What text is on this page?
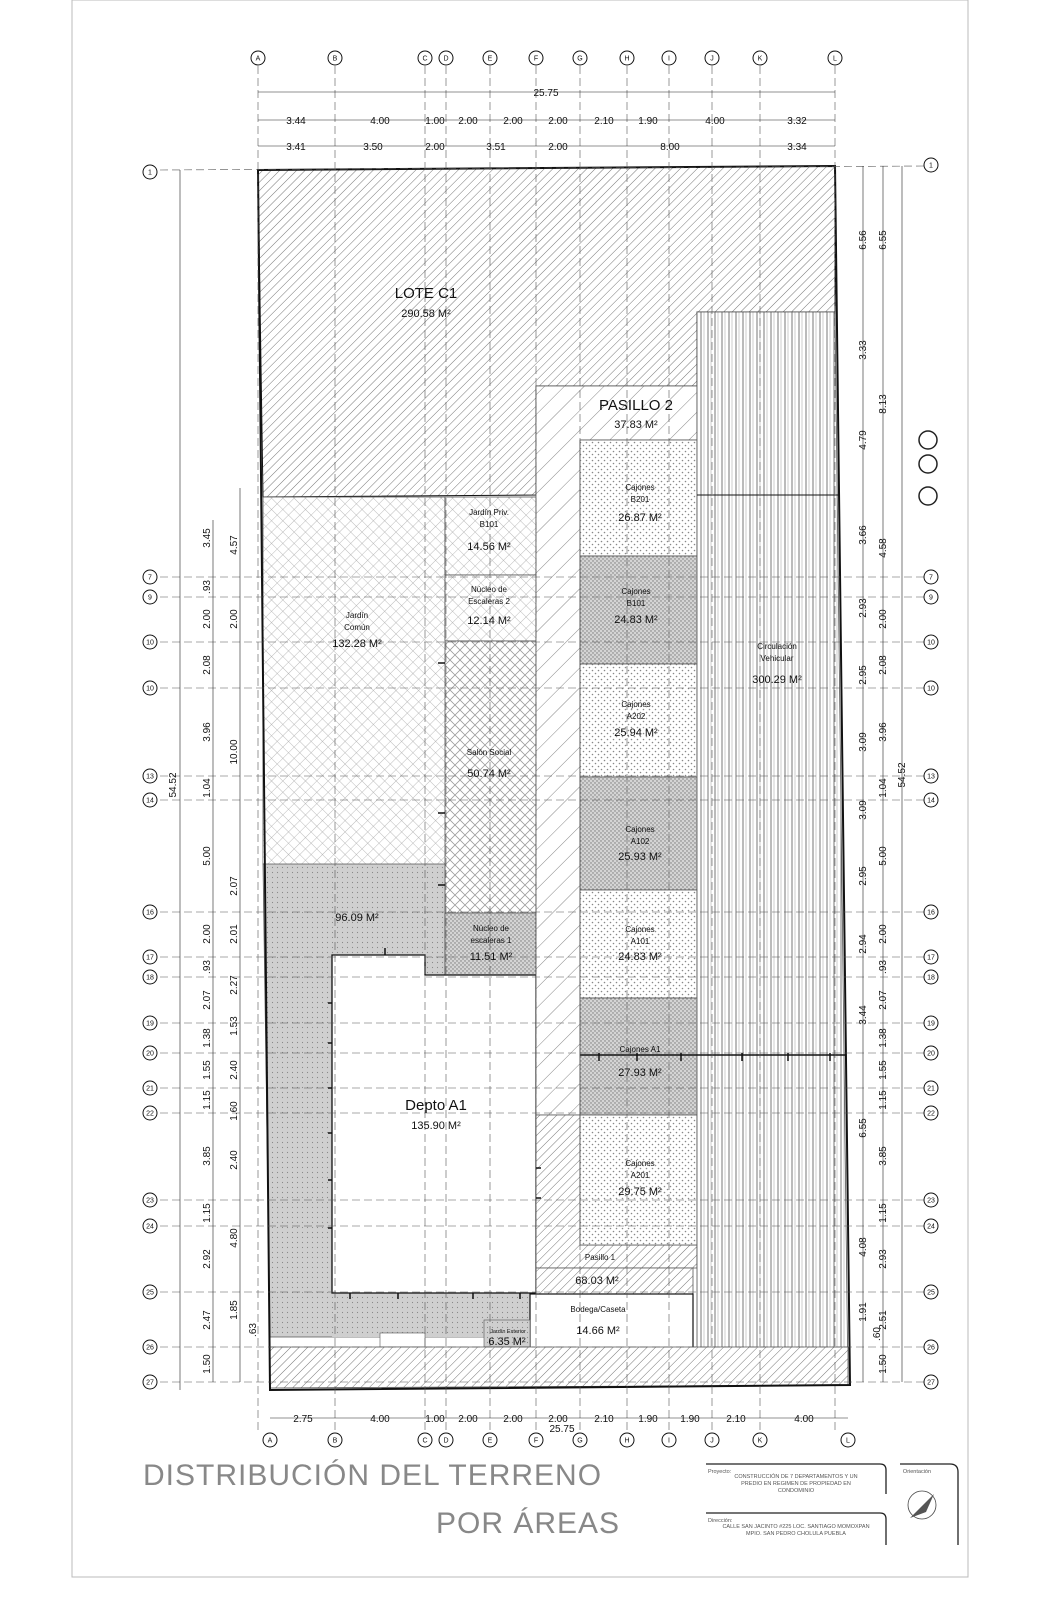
LOTE C1
290.58 M²
PASILLO 2
37.83 M²
Jardín Priv.
B101
14.56 M²
Núcleo de
Escaleras 2
12.14 M²
Jardín
Común
132.28 M²
Salón Social
50.74 M²
96.09 M²
Núcleo de
escaleras 1
11.51 M²
Depto A1
135.90 M²
Cajones
B201
26.87 M²
Cajones
B101
24.83 M²
Cajones
A202
25.94 M²
Cajones
A102
25.93 M²
Cajones
A101
24.83 M²
Cajones A1
27.93 M²
Cajones
A201
29.75 M²
Circulación
Vehicular
300.29 M²
Pasillo 1
68.03 M²
Bodega/Caseta
14.66 M²
Jardín Exterior
6.35 M²
25.75
3.44	4.00	1.00 2.00	2.00	2.00	2.10 1.90	4.00	3.32
3.41	3.50	2.00	3.51	2.00	8.00	3.34
2.75	4.00	1.00 2.00	2.00	2.00	2.10 1.90 1.90	2.10	4.00
25.75
54.52
3.45
.93
2.00
2.08
3.96
1.04
5.00
2.00
.93
2.07
1.38
1.55
1.15
3.85
1.15
2.92
2.47
1.50
4.57
2.00
10.00
2.07
2.01
2.27
1.53
2.40
1.60
2.40
4.80
1.85
.63
54.52
6.56
3.33
4.79
3.66
2.93
2.95
3.09
3.09
2.95
2.94
3.44
6.55
4.08
1.91
.60
6.55
8.13
4.58
2.00
2.08
3.96
1.04
5.00
2.00
.93
2.07
1.38
1.55
1.15
3.85
1.15
2.93
2.51
1.50
A	B	C D	E	F	G	H	I	J	K	L
A	B	C D	E	F	G	H	I	J	K	L
1
7
9
10
10
13
14
16
17
18
19
20
21
22
23
24
25
26
27
1
7
9
10
10
13
14
16
17
18
19
20
21
22
23
24
25
26
27
DISTRIBUCIÓN DEL TERRENO
POR ÁREAS
Proyecto:
CONSTRUCCIÓN DE 7 DEPARTAMENTOS Y UN
PREDIO EN REGIMEN DE PROPIEDAD EN
CONDOMINIO
Dirección:
CALLE SAN JACINTO #225 LOC. SANTIAGO MOMOXPAN
MPIO. SAN PEDRO CHOLULA PUEBLA
Orientación
